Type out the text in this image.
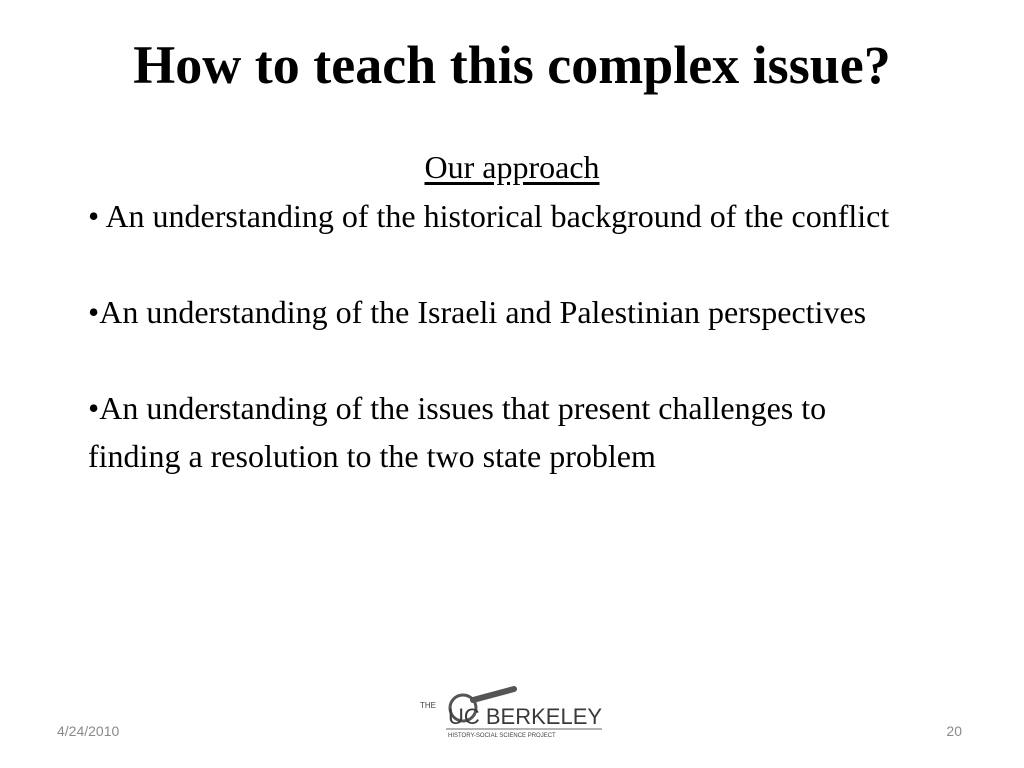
How to teach this complex issue?
Our approach

• An understanding of the historical background of the conflict

•An understanding of the Israeli and Palestinian perspectives

•An understanding of the issues that present challenges to finding a resolution to the two state problem

4/24/2010
THE UC BERKELEY
HISTORY-SOCIAL SCIENCE PROJECT	20
